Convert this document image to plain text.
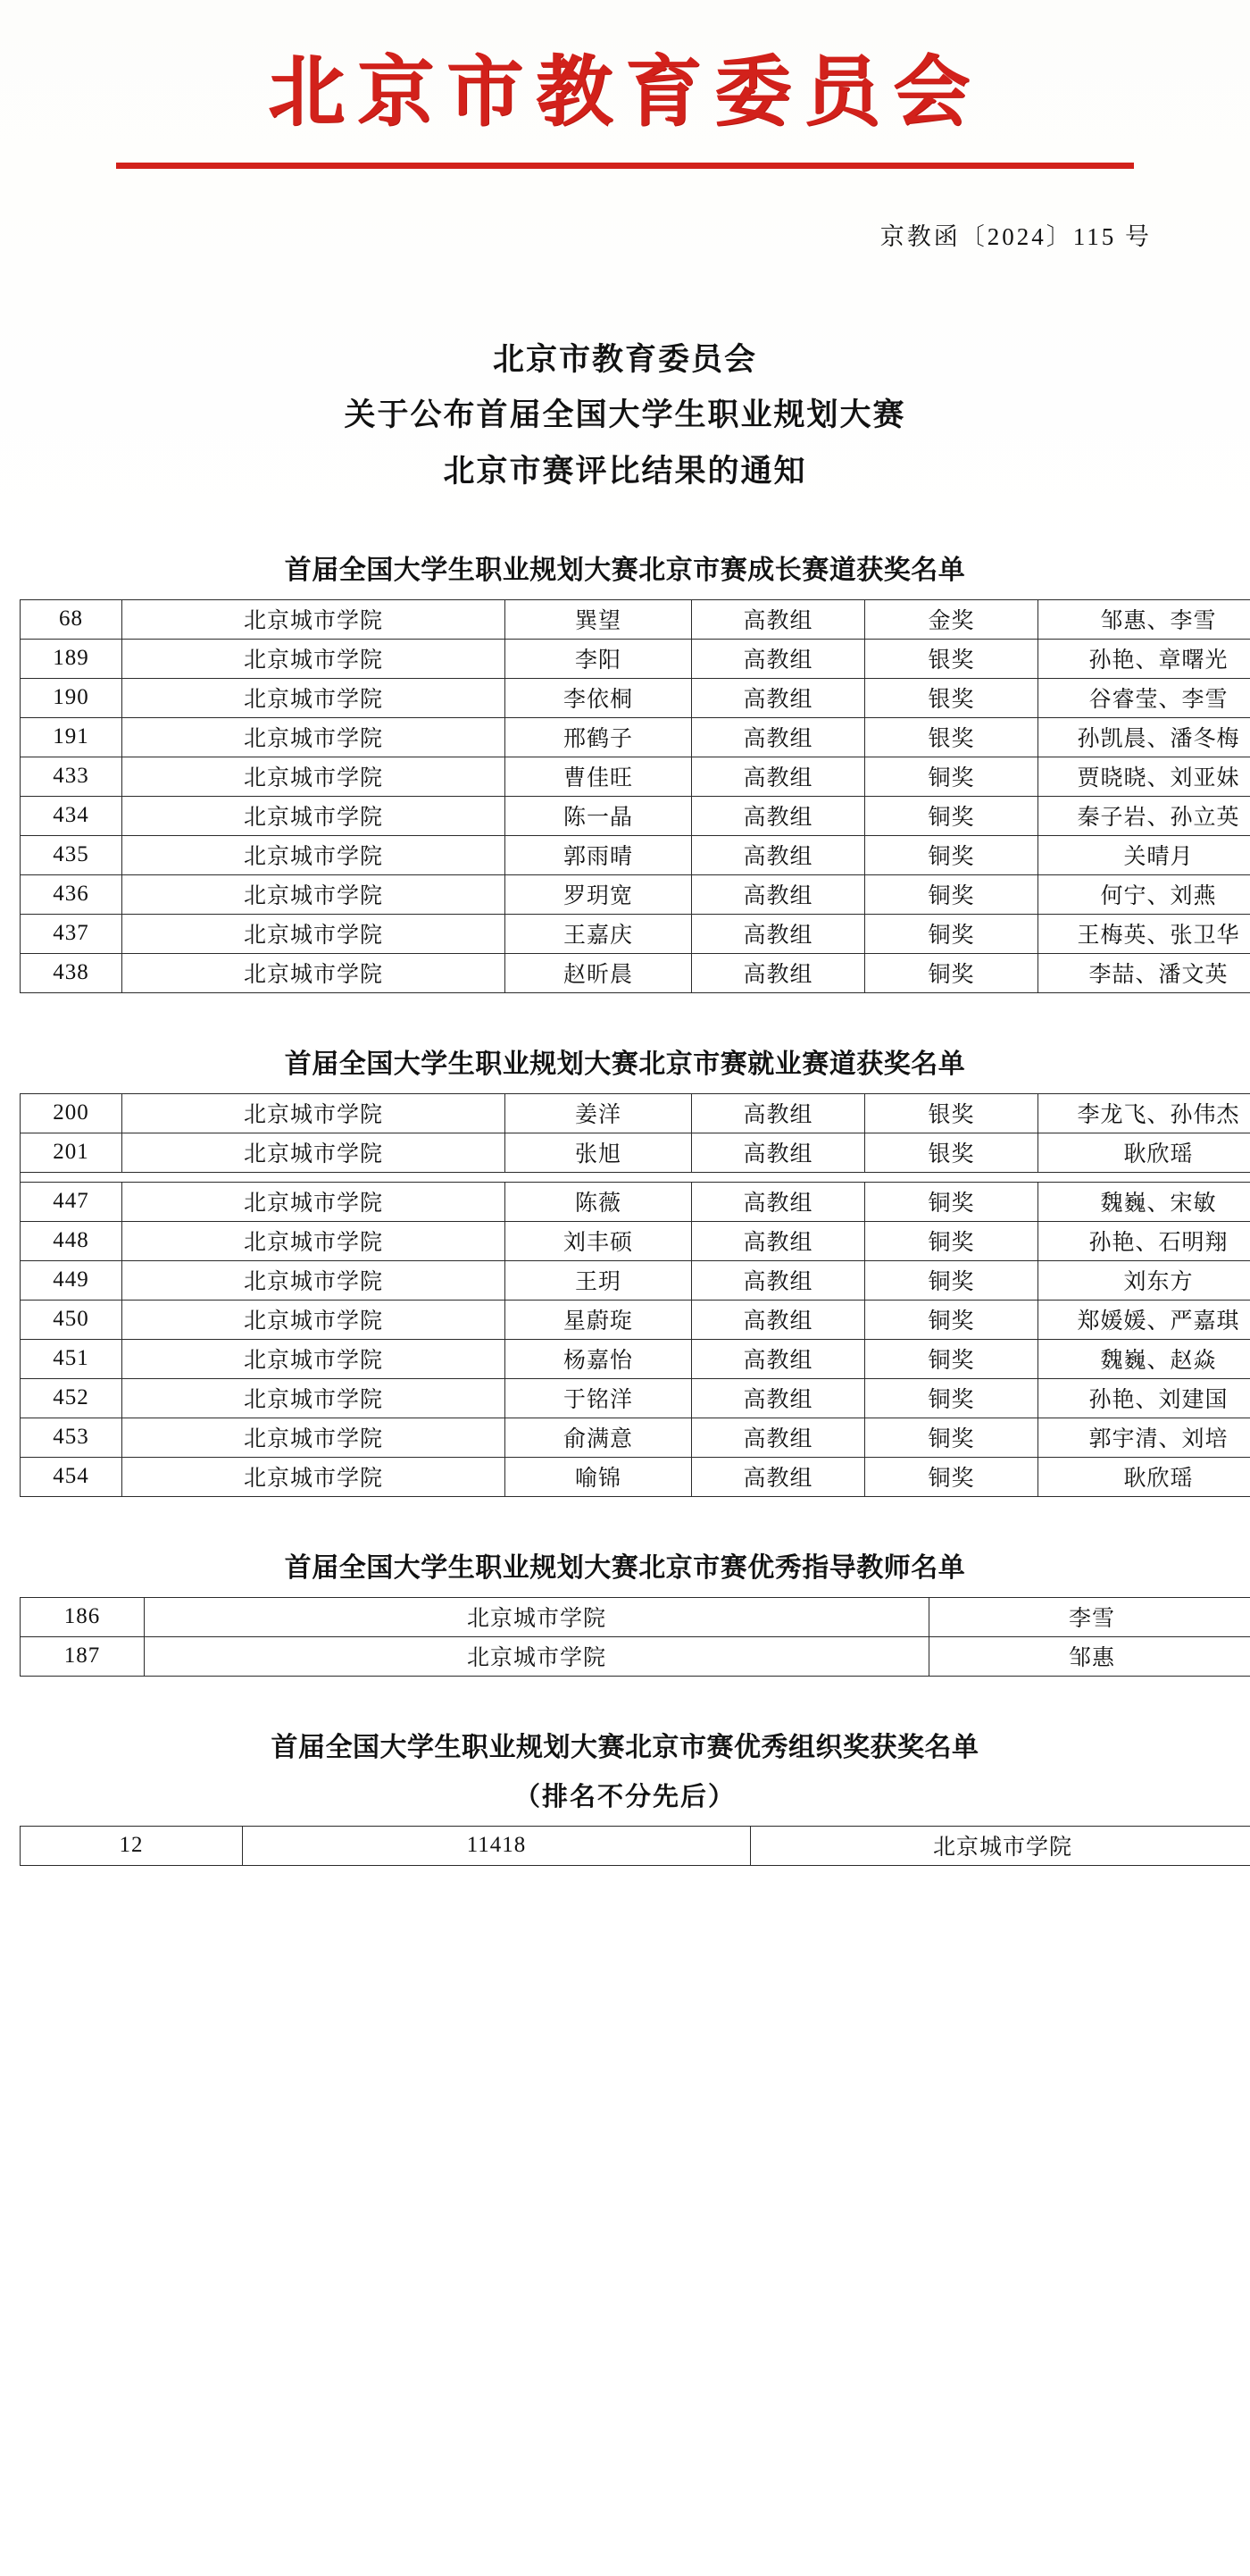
北京市教育委员会
京教函〔2024〕115 号
北京市教育委员会
关于公布首届全国大学生职业规划大赛
北京市赛评比结果的通知
首届全国大学生职业规划大赛北京市赛成长赛道获奖名单
68	北京城市学院	巽望	高教组	金奖	邹惠、李雪
189	北京城市学院	李阳	高教组	银奖	孙艳、章曙光
190	北京城市学院	李依桐	高教组	银奖	谷睿莹、李雪
191	北京城市学院	邢鹤子	高教组	银奖	孙凯晨、潘冬梅
433	北京城市学院	曹佳旺	高教组	铜奖	贾晓晓、刘亚妹
434	北京城市学院	陈一晶	高教组	铜奖	秦子岩、孙立英
435	北京城市学院	郭雨晴	高教组	铜奖	关晴月
436	北京城市学院	罗玥宽	高教组	铜奖	何宁、刘燕
437	北京城市学院	王嘉庆	高教组	铜奖	王梅英、张卫华
438	北京城市学院	赵昕晨	高教组	铜奖	李喆、潘文英
首届全国大学生职业规划大赛北京市赛就业赛道获奖名单
200	北京城市学院	姜洋	高教组	银奖	李龙飞、孙伟杰
201	北京城市学院	张旭	高教组	银奖	耿欣瑶

447	北京城市学院	陈薇	高教组	铜奖	魏巍、宋敏
448	北京城市学院	刘丰硕	高教组	铜奖	孙艳、石明翔
449	北京城市学院	王玥	高教组	铜奖	刘东方
450	北京城市学院	星蔚琁	高教组	铜奖	郑媛媛、严嘉琪
451	北京城市学院	杨嘉怡	高教组	铜奖	魏巍、赵焱
452	北京城市学院	于铭洋	高教组	铜奖	孙艳、刘建国
453	北京城市学院	俞满意	高教组	铜奖	郭宇清、刘培
454	北京城市学院	喻锦	高教组	铜奖	耿欣瑶
首届全国大学生职业规划大赛北京市赛优秀指导教师名单
186	北京城市学院	李雪
187	北京城市学院	邹惠
首届全国大学生职业规划大赛北京市赛优秀组织奖获奖名单
（排名不分先后）
12	11418	北京城市学院
